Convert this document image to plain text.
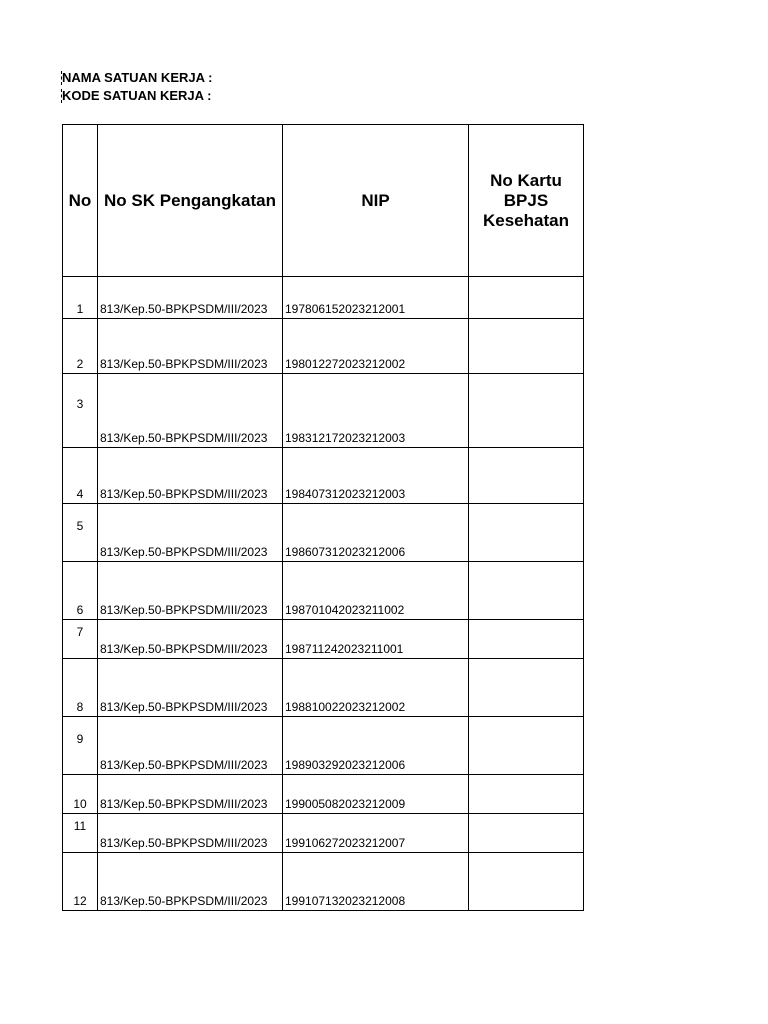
NAMA SATUAN KERJA :
KODE SATUAN KERJA :
No	No SK Pengangkatan	NIP	No Kartu BPJS Kesehatan
1	813/Kep.50-BPKPSDM/III/2023	197806152023212001	
2	813/Kep.50-BPKPSDM/III/2023	198012272023212002	

3	813/Kep.50-BPKPSDM/III/2023	198312172023212003	
4	813/Kep.50-BPKPSDM/III/2023	198407312023212003	

5	813/Kep.50-BPKPSDM/III/2023	198607312023212006	
6	813/Kep.50-BPKPSDM/III/2023	198701042023211002	

7	813/Kep.50-BPKPSDM/III/2023	198711242023211001	
8	813/Kep.50-BPKPSDM/III/2023	198810022023212002	

9	813/Kep.50-BPKPSDM/III/2023	198903292023212006	
10	813/Kep.50-BPKPSDM/III/2023	199005082023212009	

11	813/Kep.50-BPKPSDM/III/2023	199106272023212007	
12	813/Kep.50-BPKPSDM/III/2023	199107132023212008	
